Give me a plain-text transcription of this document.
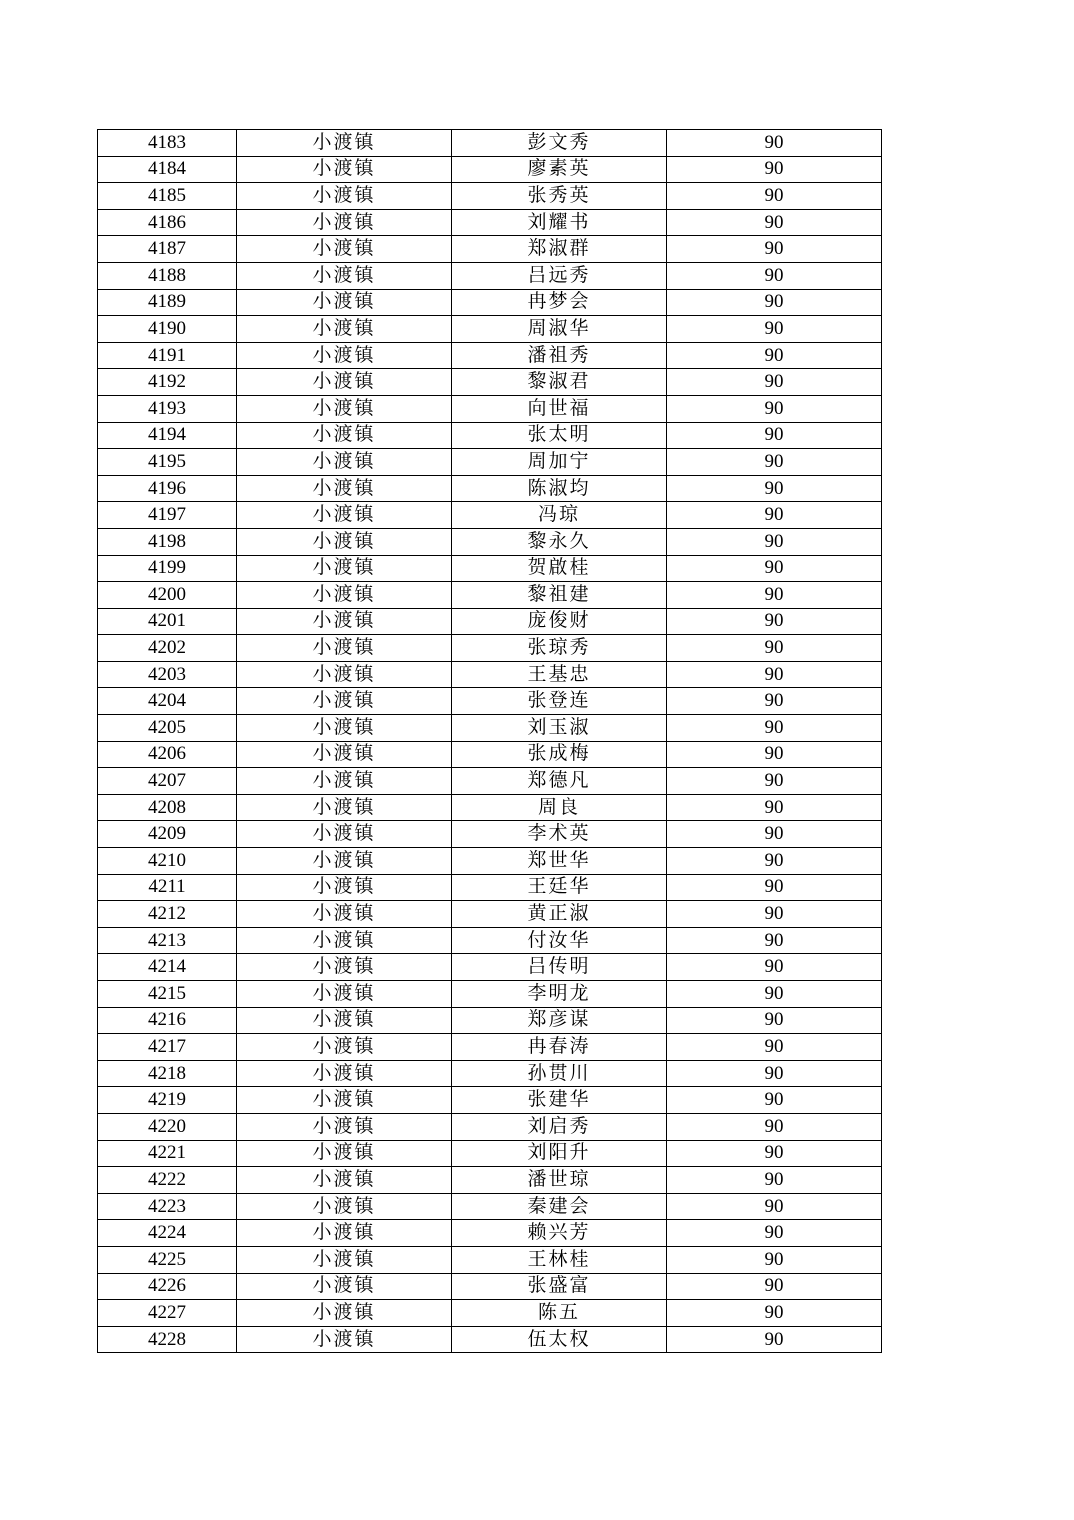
4183	小渡镇	彭文秀	90
4184	小渡镇	廖素英	90
4185	小渡镇	张秀英	90
4186	小渡镇	刘耀书	90
4187	小渡镇	郑淑群	90
4188	小渡镇	吕远秀	90
4189	小渡镇	冉梦会	90
4190	小渡镇	周淑华	90
4191	小渡镇	潘祖秀	90
4192	小渡镇	黎淑君	90
4193	小渡镇	向世福	90
4194	小渡镇	张太明	90
4195	小渡镇	周加宁	90
4196	小渡镇	陈淑均	90
4197	小渡镇	冯琼	90
4198	小渡镇	黎永久	90
4199	小渡镇	贺啟桂	90
4200	小渡镇	黎祖建	90
4201	小渡镇	庞俊财	90
4202	小渡镇	张琼秀	90
4203	小渡镇	王基忠	90
4204	小渡镇	张登连	90
4205	小渡镇	刘玉淑	90
4206	小渡镇	张成梅	90
4207	小渡镇	郑德凡	90
4208	小渡镇	周良	90
4209	小渡镇	李术英	90
4210	小渡镇	郑世华	90
4211	小渡镇	王廷华	90
4212	小渡镇	黄正淑	90
4213	小渡镇	付汝华	90
4214	小渡镇	吕传明	90
4215	小渡镇	李明龙	90
4216	小渡镇	郑彦谋	90
4217	小渡镇	冉春涛	90
4218	小渡镇	孙贯川	90
4219	小渡镇	张建华	90
4220	小渡镇	刘启秀	90
4221	小渡镇	刘阳升	90
4222	小渡镇	潘世琼	90
4223	小渡镇	秦建会	90
4224	小渡镇	赖兴芳	90
4225	小渡镇	王林桂	90
4226	小渡镇	张盛富	90
4227	小渡镇	陈五	90
4228	小渡镇	伍太权	90
